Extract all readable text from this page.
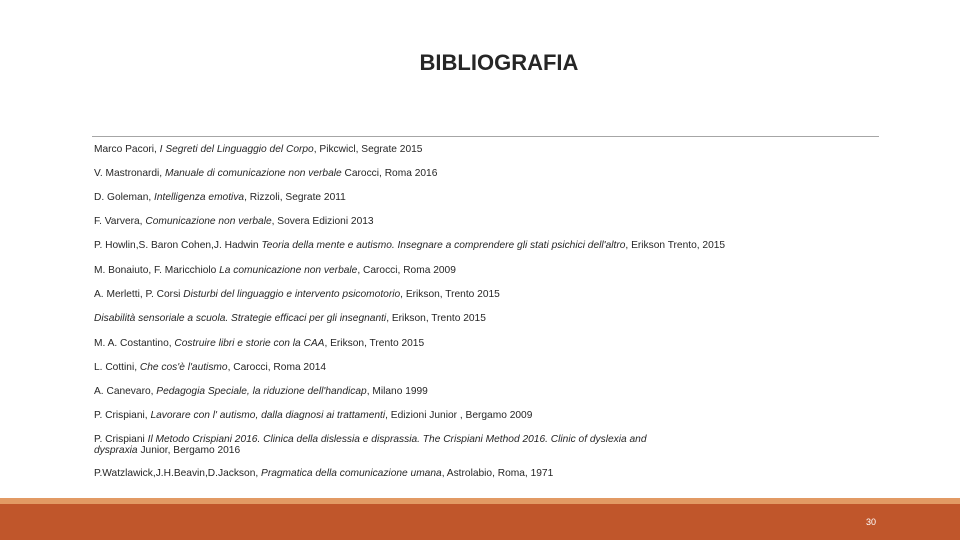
BIBLIOGRAFIA
Marco Pacori, I Segreti del Linguaggio del Corpo, Pikcwicl, Segrate 2015
V. Mastronardi, Manuale di comunicazione non verbale Carocci, Roma 2016
D. Goleman, Intelligenza emotiva, Rizzoli, Segrate 2011
F. Varvera, Comunicazione non verbale, Sovera Edizioni 2013
P. Howlin,S. Baron Cohen,J. Hadwin Teoria della mente e autismo. Insegnare a comprendere gli stati psichici dell'altro, Erikson Trento, 2015
M. Bonaiuto, F. Maricchiolo La comunicazione non verbale, Carocci, Roma 2009
A. Merletti, P. Corsi Disturbi del linguaggio e intervento psicomotorio, Erikson, Trento 2015
Disabilità sensoriale a scuola. Strategie efficaci per gli insegnanti, Erikson, Trento 2015
M. A. Costantino, Costruire libri e storie con la CAA, Erikson, Trento 2015
L. Cottini, Che cos'è l'autismo, Carocci, Roma 2014
A. Canevaro, Pedagogia Speciale, la riduzione dell'handicap, Milano 1999
P. Crispiani, Lavorare con l' autismo, dalla diagnosi ai trattamenti, Edizioni Junior , Bergamo 2009
P. Crispiani Il Metodo Crispiani 2016. Clinica della dislessia e disprassia. The Crispiani Method 2016. Clinic of dyslexia and dyspraxia Junior, Bergamo 2016
P.Watzlawick,J.H.Beavin,D.Jackson, Pragmatica della comunicazione umana, Astrolabio, Roma, 1971
30
